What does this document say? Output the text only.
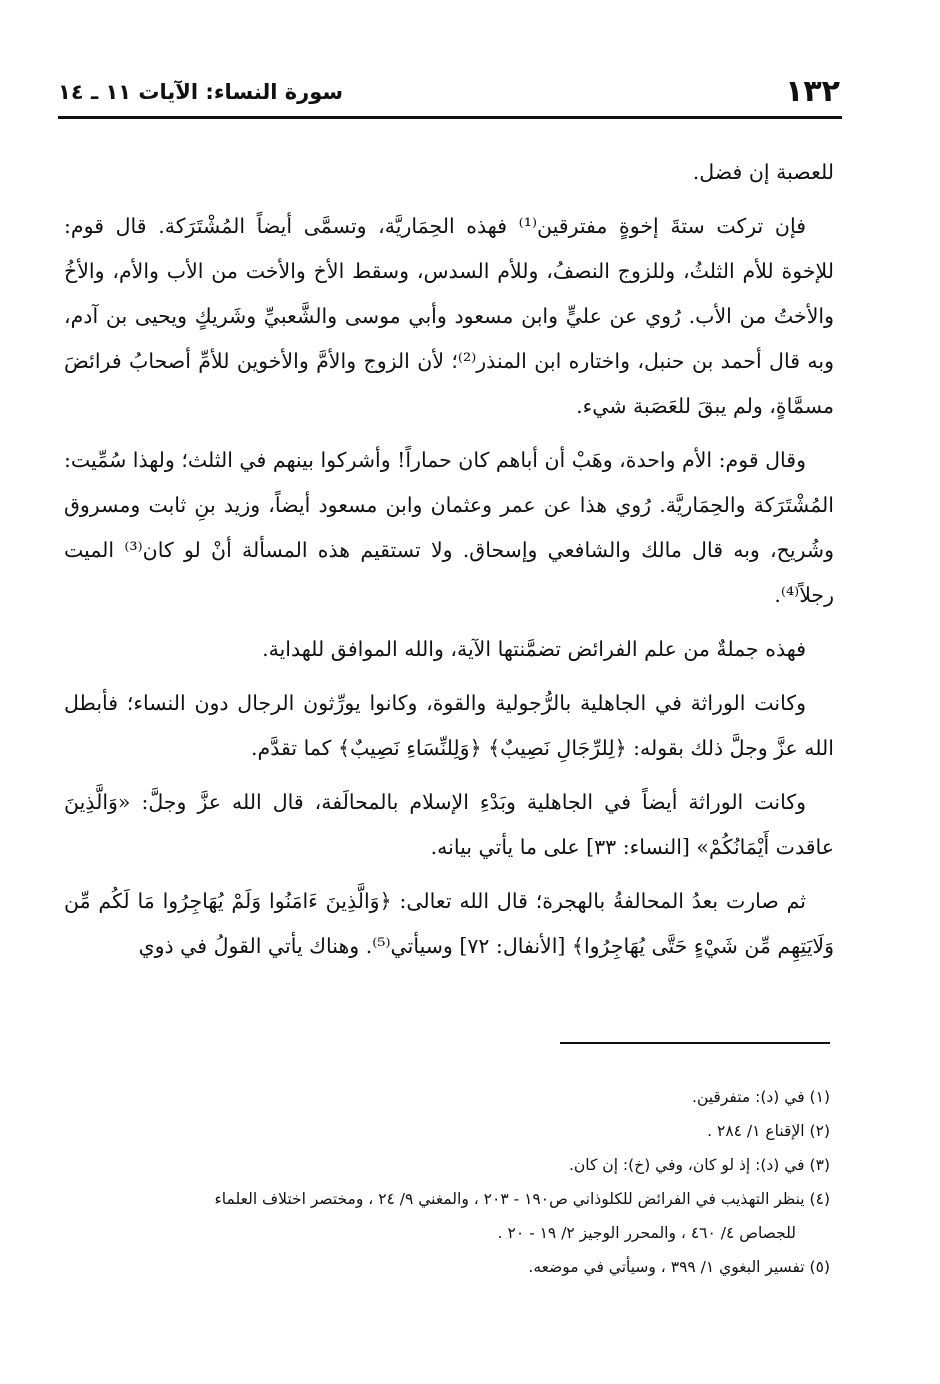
١٣٢
سورة النساء: الآيات ١١ ـ ١٤

للعصبة إن فضل.

فإن تركت ستةَ إخوةٍ مفترقين⁽¹⁾ فهذه الحِمَاريَّة، وتسمَّى أيضاً المُشْتَرَكة. قال قوم: للإخوة للأم الثلثُ، وللزوج النصفُ، وللأم السدس، وسقط الأخ والأخت من الأب والأم، والأخُ والأختُ من الأب. رُوي عن عليٍّ وابن مسعود وأبي موسى والشَّعبيِّ وشَريكٍ ويحيى بن آدم، وبه قال أحمد بن حنبل، واختاره ابن المنذر⁽²⁾؛ لأن الزوج والأمَّ والأخوين للأمِّ أصحابُ فرائضَ مسمَّاةٍ، ولم يبقَ للعَصَبة شيء.

وقال قوم: الأم واحدة، وهَبْ أن أباهم كان حماراً! وأشركوا بينهم في الثلث؛ ولهذا سُمِّيت: المُشْتَرَكة والحِمَاريَّة. رُوي هذا عن عمر وعثمان وابن مسعود أيضاً، وزيد بنِ ثابت ومسروق وشُريح، وبه قال مالك والشافعي وإسحاق. ولا تستقيم هذه المسألة أنْ لو كان⁽³⁾ الميت رجلاً⁽⁴⁾.

فهذه جملةٌ من علم الفرائض تضمَّنتها الآية، والله الموافق للهداية.

وكانت الوراثة في الجاهلية بالرُّجولية والقوة، وكانوا يورِّثون الرجال دون النساء؛ فأبطل الله عزَّ وجلَّ ذلك بقوله: ﴿لِلرِّجَالِ نَصِيبٌ﴾ ﴿وَلِلنِّسَاءِ نَصِيبٌ﴾ كما تقدَّم.

وكانت الوراثة أيضاً في الجاهلية وبَدْءِ الإسلام بالمحالَفة، قال الله عزَّ وجلَّ: «وَالَّذِينَ عاقدت أَيْمَانُكُمْ» [النساء: ٣٣] على ما يأتي بيانه.

ثم صارت بعدُ المحالفةُ بالهجرة؛ قال الله تعالى: ﴿وَالَّذِينَ ءَامَنُوا وَلَمْ يُهَاجِرُوا مَا لَكُم مِّن وَلَايَتِهِم مِّن شَيْءٍ حَتَّى يُهَاجِرُوا﴾ [الأنفال: ٧٢] وسيأتي⁽⁵⁾. وهناك يأتي القولُ في ذوي

(١) في (د): متفرقين.

(٢) الإقناع ١/ ٢٨٤ .

(٣) في (د): إذ لو كان، وفي (خ): إن كان.

(٤) ينظر التهذيب في الفرائض للكلوذاني ص١٩٠ - ٢٠٣ ، والمغني ٩/ ٢٤ ، ومختصر اختلاف العلماء
للجصاص ٤/ ٤٦٠ ، والمحرر الوجيز ٢/ ١٩ - ٢٠ .

(٥) تفسير البغوي ١/ ٣٩٩ ، وسيأتي في موضعه.
